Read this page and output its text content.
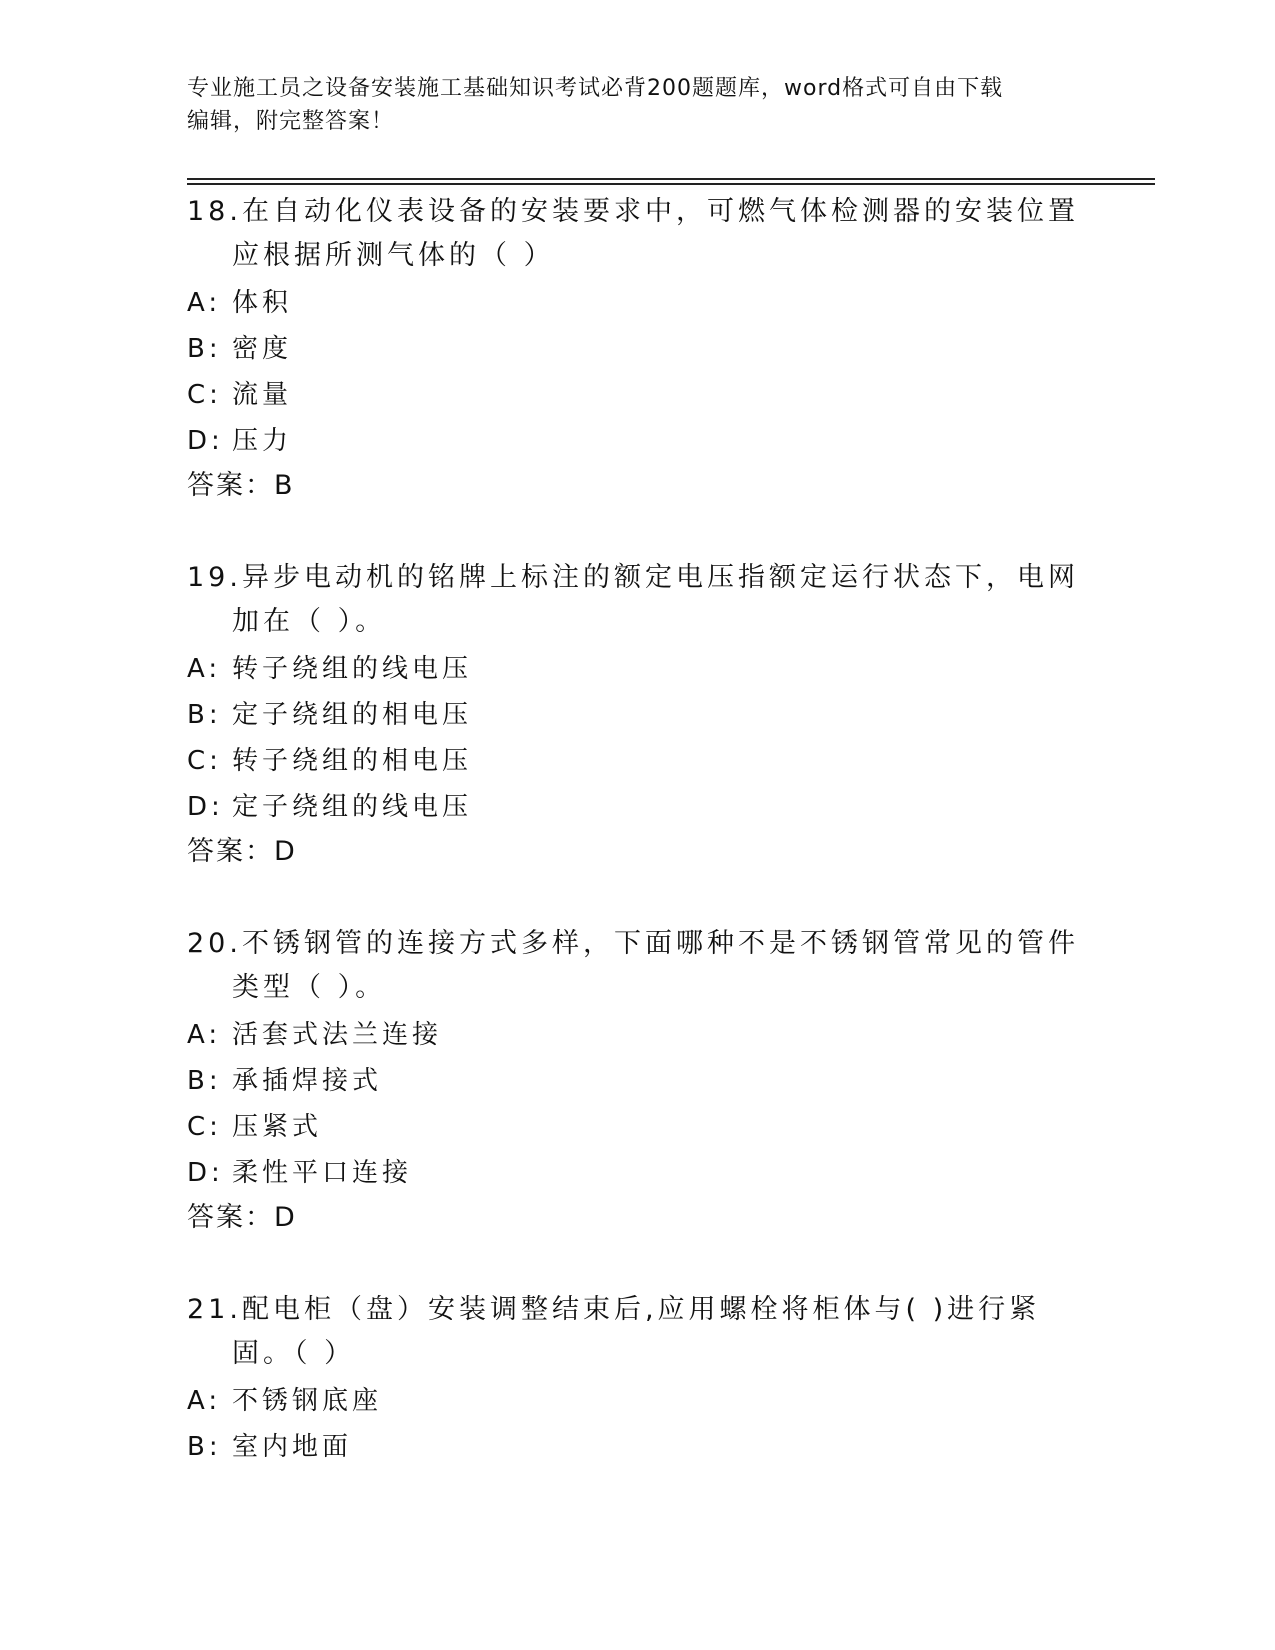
专业施工员之设备安装施工基础知识考试必背200题题库，word格式可自由下载
编辑，附完整答案！
18.在自动化仪表设备的安装要求中，可燃气体检测器的安装位置应根据所测气体的（ ）
A: 体积
B: 密度
C: 流量
D: 压力
答案：B
19.异步电动机的铭牌上标注的额定电压指额定运行状态下，电网加在（ ）。
A: 转子绕组的线电压
B: 定子绕组的相电压
C: 转子绕组的相电压
D: 定子绕组的线电压
答案：D
20.不锈钢管的连接方式多样，下面哪种不是不锈钢管常见的管件类型（ ）。
A: 活套式法兰连接
B: 承插焊接式
C: 压紧式
D: 柔性平口连接
答案：D
21.配电柜（盘）安装调整结束后,应用螺栓将柜体与( )进行紧固。（ ）
A: 不锈钢底座
B: 室内地面
